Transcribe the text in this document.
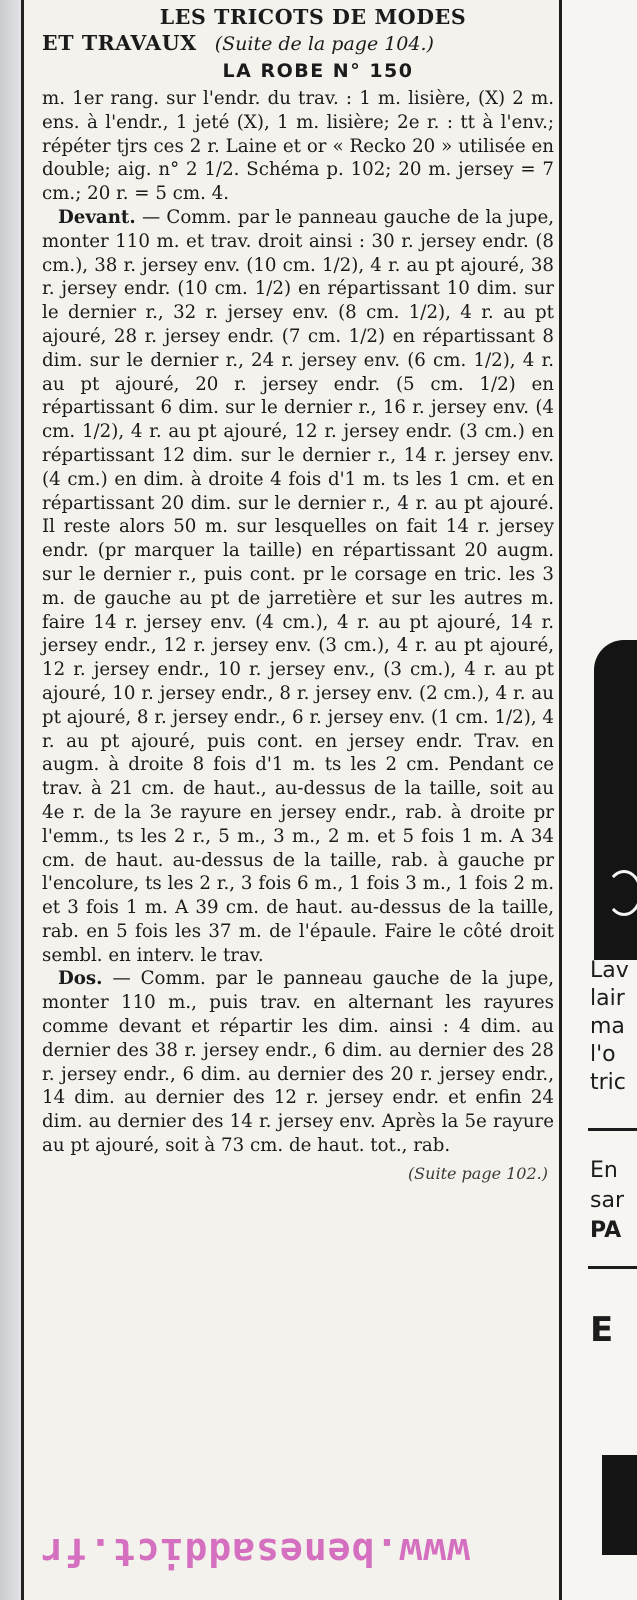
LES TRICOTS DE MODES
ET TRAVAUX (Suite de la page 104.)
LA ROBE N° 150

m. 1er rang. sur l'endr. du trav. : 1 m. lisière, (X) 2 m. ens. à l'endr., 1 jeté (X), 1 m. lisière; 2e r. : tt à l'env.; répéter tjrs ces 2 r. Laine et or « Recko 20 » utilisée en double; aig. n° 2 1/2. Schéma p. 102; 20 m. jersey = 7 cm.; 20 r. = 5 cm. 4.

Devant. — Comm. par le panneau gauche de la jupe, monter 110 m. et trav. droit ainsi : 30 r. jersey endr. (8 cm.), 38 r. jersey env. (10 cm. 1/2), 4 r. au pt ajouré, 38 r. jersey endr. (10 cm. 1/2) en répartissant 10 dim. sur le dernier r., 32 r. jersey env. (8 cm. 1/2), 4 r. au pt ajouré, 28 r. jersey endr. (7 cm. 1/2) en répartissant 8 dim. sur le dernier r., 24 r. jersey env. (6 cm. 1/2), 4 r. au pt ajouré, 20 r. jersey endr. (5 cm. 1/2) en répartissant 6 dim. sur le dernier r., 16 r. jersey env. (4 cm. 1/2), 4 r. au pt ajouré, 12 r. jersey endr. (3 cm.) en répartissant 12 dim. sur le dernier r., 14 r. jersey env. (4 cm.) en dim. à droite 4 fois d'1 m. ts les 1 cm. et en répartissant 20 dim. sur le dernier r., 4 r. au pt ajouré. Il reste alors 50 m. sur lesquelles on fait 14 r. jersey endr. (pr marquer la taille) en répartissant 20 augm. sur le dernier r., puis cont. pr le corsage en tric. les 3 m. de gauche au pt de jarretière et sur les autres m. faire 14 r. jersey env. (4 cm.), 4 r. au pt ajouré, 14 r. jersey endr., 12 r. jersey env. (3 cm.), 4 r. au pt ajouré, 12 r. jersey endr., 10 r. jersey env., (3 cm.), 4 r. au pt ajouré, 10 r. jersey endr., 8 r. jersey env. (2 cm.), 4 r. au pt ajouré, 8 r. jersey endr., 6 r. jersey env. (1 cm. 1/2), 4 r. au pt ajouré, puis cont. en jersey endr. Trav. en augm. à droite 8 fois d'1 m. ts les 2 cm. Pendant ce trav. à 21 cm. de haut., au-dessus de la taille, soit au 4e r. de la 3e rayure en jersey endr., rab. à droite pr l'emm., ts les 2 r., 5 m., 3 m., 2 m. et 5 fois 1 m. A 34 cm. de haut. au-dessus de la taille, rab. à gauche pr l'encolure, ts les 2 r., 3 fois 6 m., 1 fois 3 m., 1 fois 2 m. et 3 fois 1 m. A 39 cm. de haut. au-dessus de la taille, rab. en 5 fois les 37 m. de l'épaule. Faire le côté droit sembl. en interv. le trav.

Dos. — Comm. par le panneau gauche de la jupe, monter 110 m., puis trav. en alternant les rayures comme devant et répartir les dim. ainsi : 4 dim. au dernier des 38 r. jersey endr., 6 dim. au dernier des 28 r. jersey endr., 6 dim. au dernier des 20 r. jersey endr., 14 dim. au dernier des 12 r. jersey endr. et enfin 24 dim. au dernier des 14 r. jersey env. Après la 5e rayure au pt ajouré, soit à 73 cm. de haut. tot., rab.

(Suite page 102.)
Lav
lair
ma
l'o
tric
En
sar
PA
E
www.benesaddict.fr
